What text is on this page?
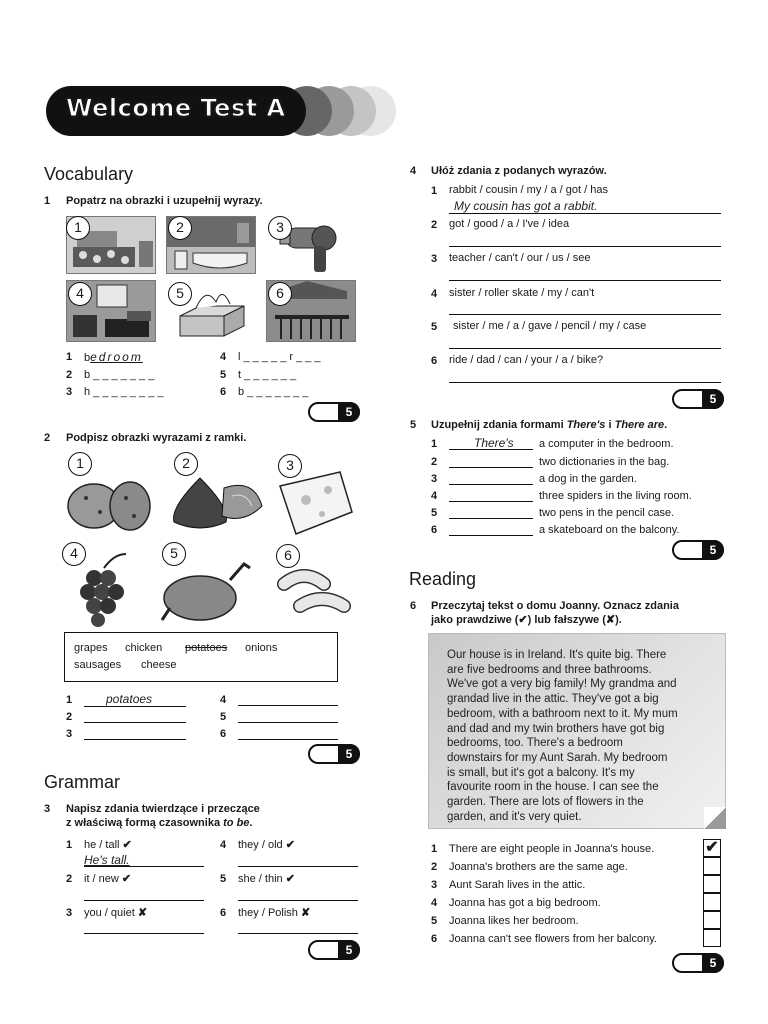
Welcome Test A
Vocabulary
1 Popatrz na obrazki i uzupełnij wyrazy.
1	2	3
4	5	6
1 bedroom
2 b _ _ _ _ _ _ _
3 h _ _ _ _ _ _ _ _
4 l _ _ _ _ _ r _ _ _
5 t _ _ _ _ _ _
6 b _ _ _ _ _ _ _
5
2 Podpisz obrazki wyrazami z ramki.
1	2	3
4	5	6
grapes chicken potatoes onions
sausages cheese
1	potatoes
2
3
4
5
6
5
Grammar
3 Napisz zdania twierdzące i przeczące
z właściwą formą czasownika to be.
1 he / tall ✔
He's tall.
2 it / new ✔
3 you / quiet ✘
4 they / old ✔
5 she / thin ✔
6 they / Polish ✘
5
4 Ułóż zdania z podanych wyrazów.
1 rabbit / cousin / my / a / got / has
My cousin has got a rabbit.
2 got / good / a / I've / idea
3 teacher / can't / our / us / see
4 sister / roller skate / my / can't
5 sister / me / a / gave / pencil / my / case
6 ride / dad / can / your / a / bike?
5
5 Uzupełnij zdania formami There's i There are.
1	There's a computer in the bedroom.
2	two dictionaries in the bag.
3	a dog in the garden.
4	three spiders in the living room.
5	two pens in the pencil case.
6	a skateboard on the balcony.
5
Reading
6 Przeczytaj tekst o domu Joanny. Oznacz zdania
jako prawdziwe (✔) lub fałszywe (✘).

Our house is in Ireland. It's quite big. There
are five bedrooms and three bathrooms.
We've got a very big family! My grandma and
grandad live in the attic. They've got a big
bedroom, with a bathroom next to it. My mum
and dad and my twin brothers have got big
bedrooms, too. There's a bedroom
downstairs for my Aunt Sarah. My bedroom
is small, but it's got a balcony. It's my
favourite room in the house. I can see the
garden. There are lots of flowers in the
garden, and it's very quiet.

1 There are eight people in Joanna's house.	✔
2 Joanna's brothers are the same age.
3 Aunt Sarah lives in the attic.
4 Joanna has got a big bedroom.
5 Joanna likes her bedroom.
6 Joanna can't see flowers from her balcony.
5
